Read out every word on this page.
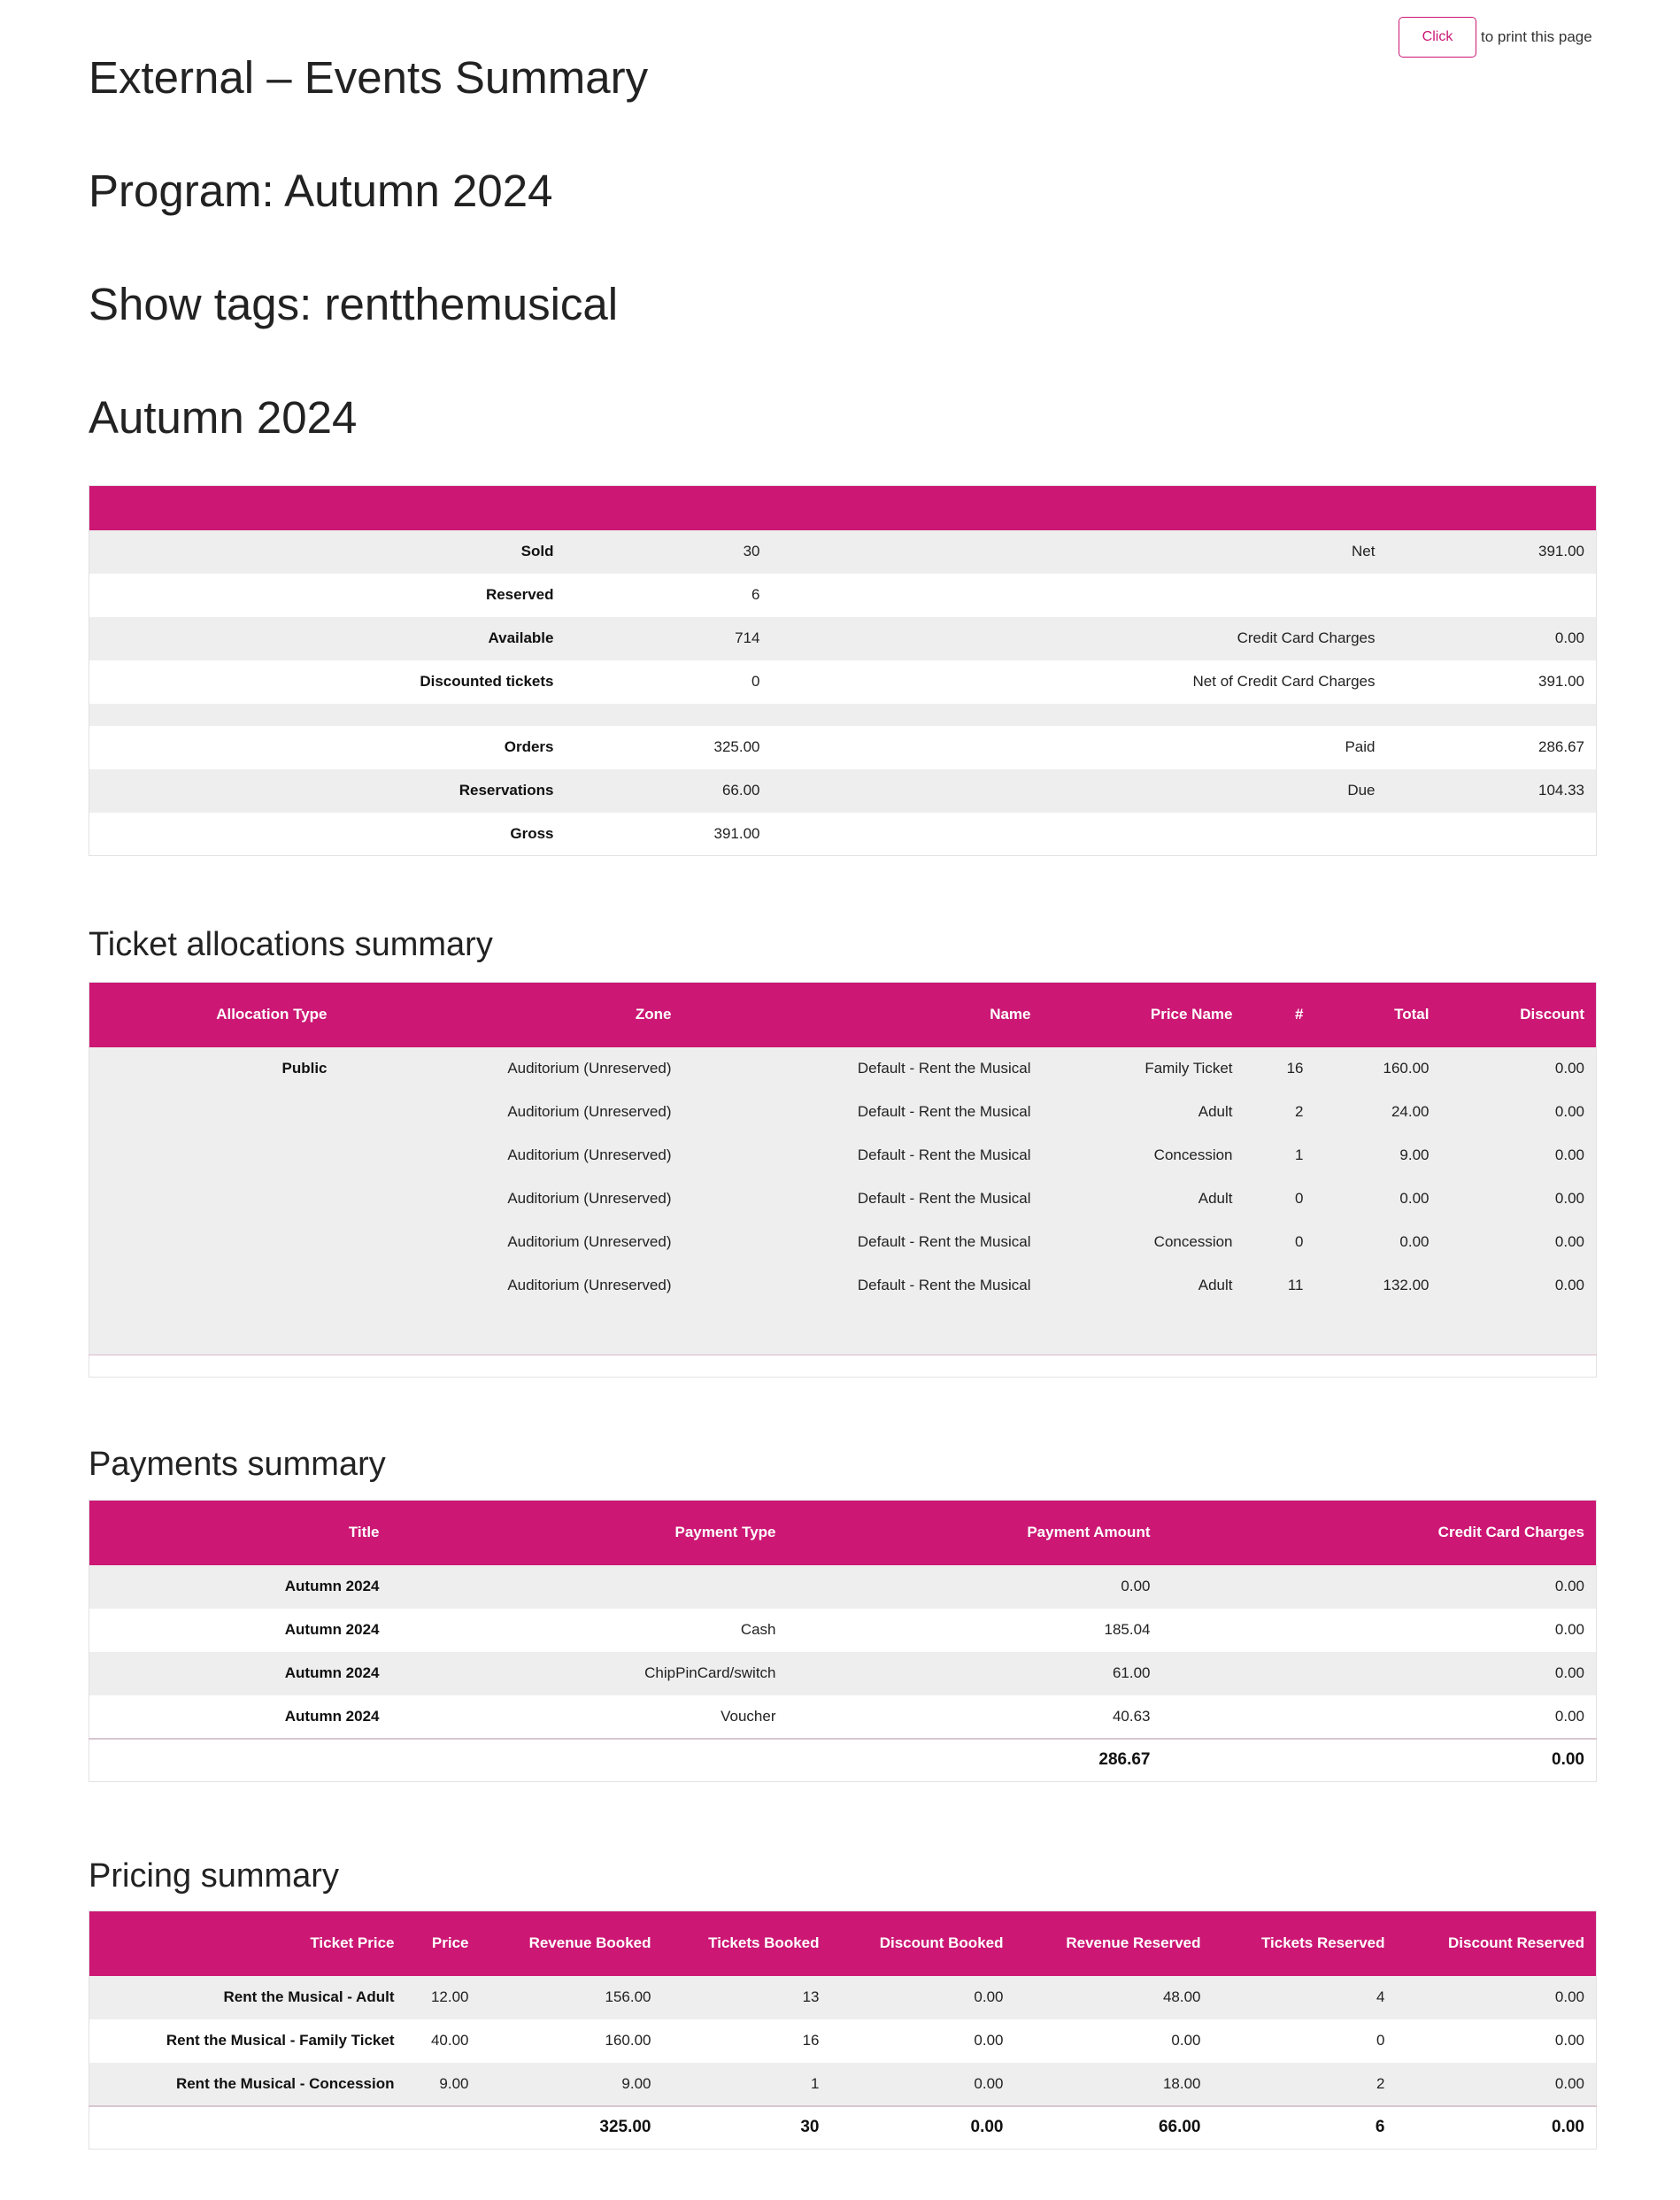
Click	to print this page
External – Events Summary
Program: Autumn 2024
Show tags: rentthemusical
Autumn 2024

Sold	30	Net	391.00
Reserved	6		
Available	714	Credit Card Charges	0.00
Discounted tickets	0	Net of Credit Card Charges	391.00

Orders	325.00	Paid	286.67
Reservations	66.00	Due	104.33
Gross	391.00		
Ticket allocations summary
Allocation Type	Zone	Name	Price Name	#	Total	Discount
Public	Auditorium (Unreserved)	Default - Rent the Musical	Family Ticket	16	160.00	0.00
	Auditorium (Unreserved)	Default - Rent the Musical	Adult	2	24.00	0.00
	Auditorium (Unreserved)	Default - Rent the Musical	Concession	1	9.00	0.00
	Auditorium (Unreserved)	Default - Rent the Musical	Adult	0	0.00	0.00
	Auditorium (Unreserved)	Default - Rent the Musical	Concession	0	0.00	0.00
	Auditorium (Unreserved)	Default - Rent the Musical	Adult	11	132.00	0.00

Payments summary
Title	Payment Type	Payment Amount	Credit Card Charges
Autumn 2024		0.00	0.00
Autumn 2024	Cash	185.04	0.00
Autumn 2024	ChipPinCard/switch	61.00	0.00
Autumn 2024	Voucher	40.63	0.00
		286.67	0.00
Pricing summary
Ticket Price	Price	Revenue Booked	Tickets Booked	Discount Booked	Revenue Reserved	Tickets Reserved	Discount Reserved
Rent the Musical - Adult	12.00	156.00	13	0.00	48.00	4	0.00
Rent the Musical - Family Ticket	40.00	160.00	16	0.00	0.00	0	0.00
Rent the Musical - Concession	9.00	9.00	1	0.00	18.00	2	0.00
		325.00	30	0.00	66.00	6	0.00
